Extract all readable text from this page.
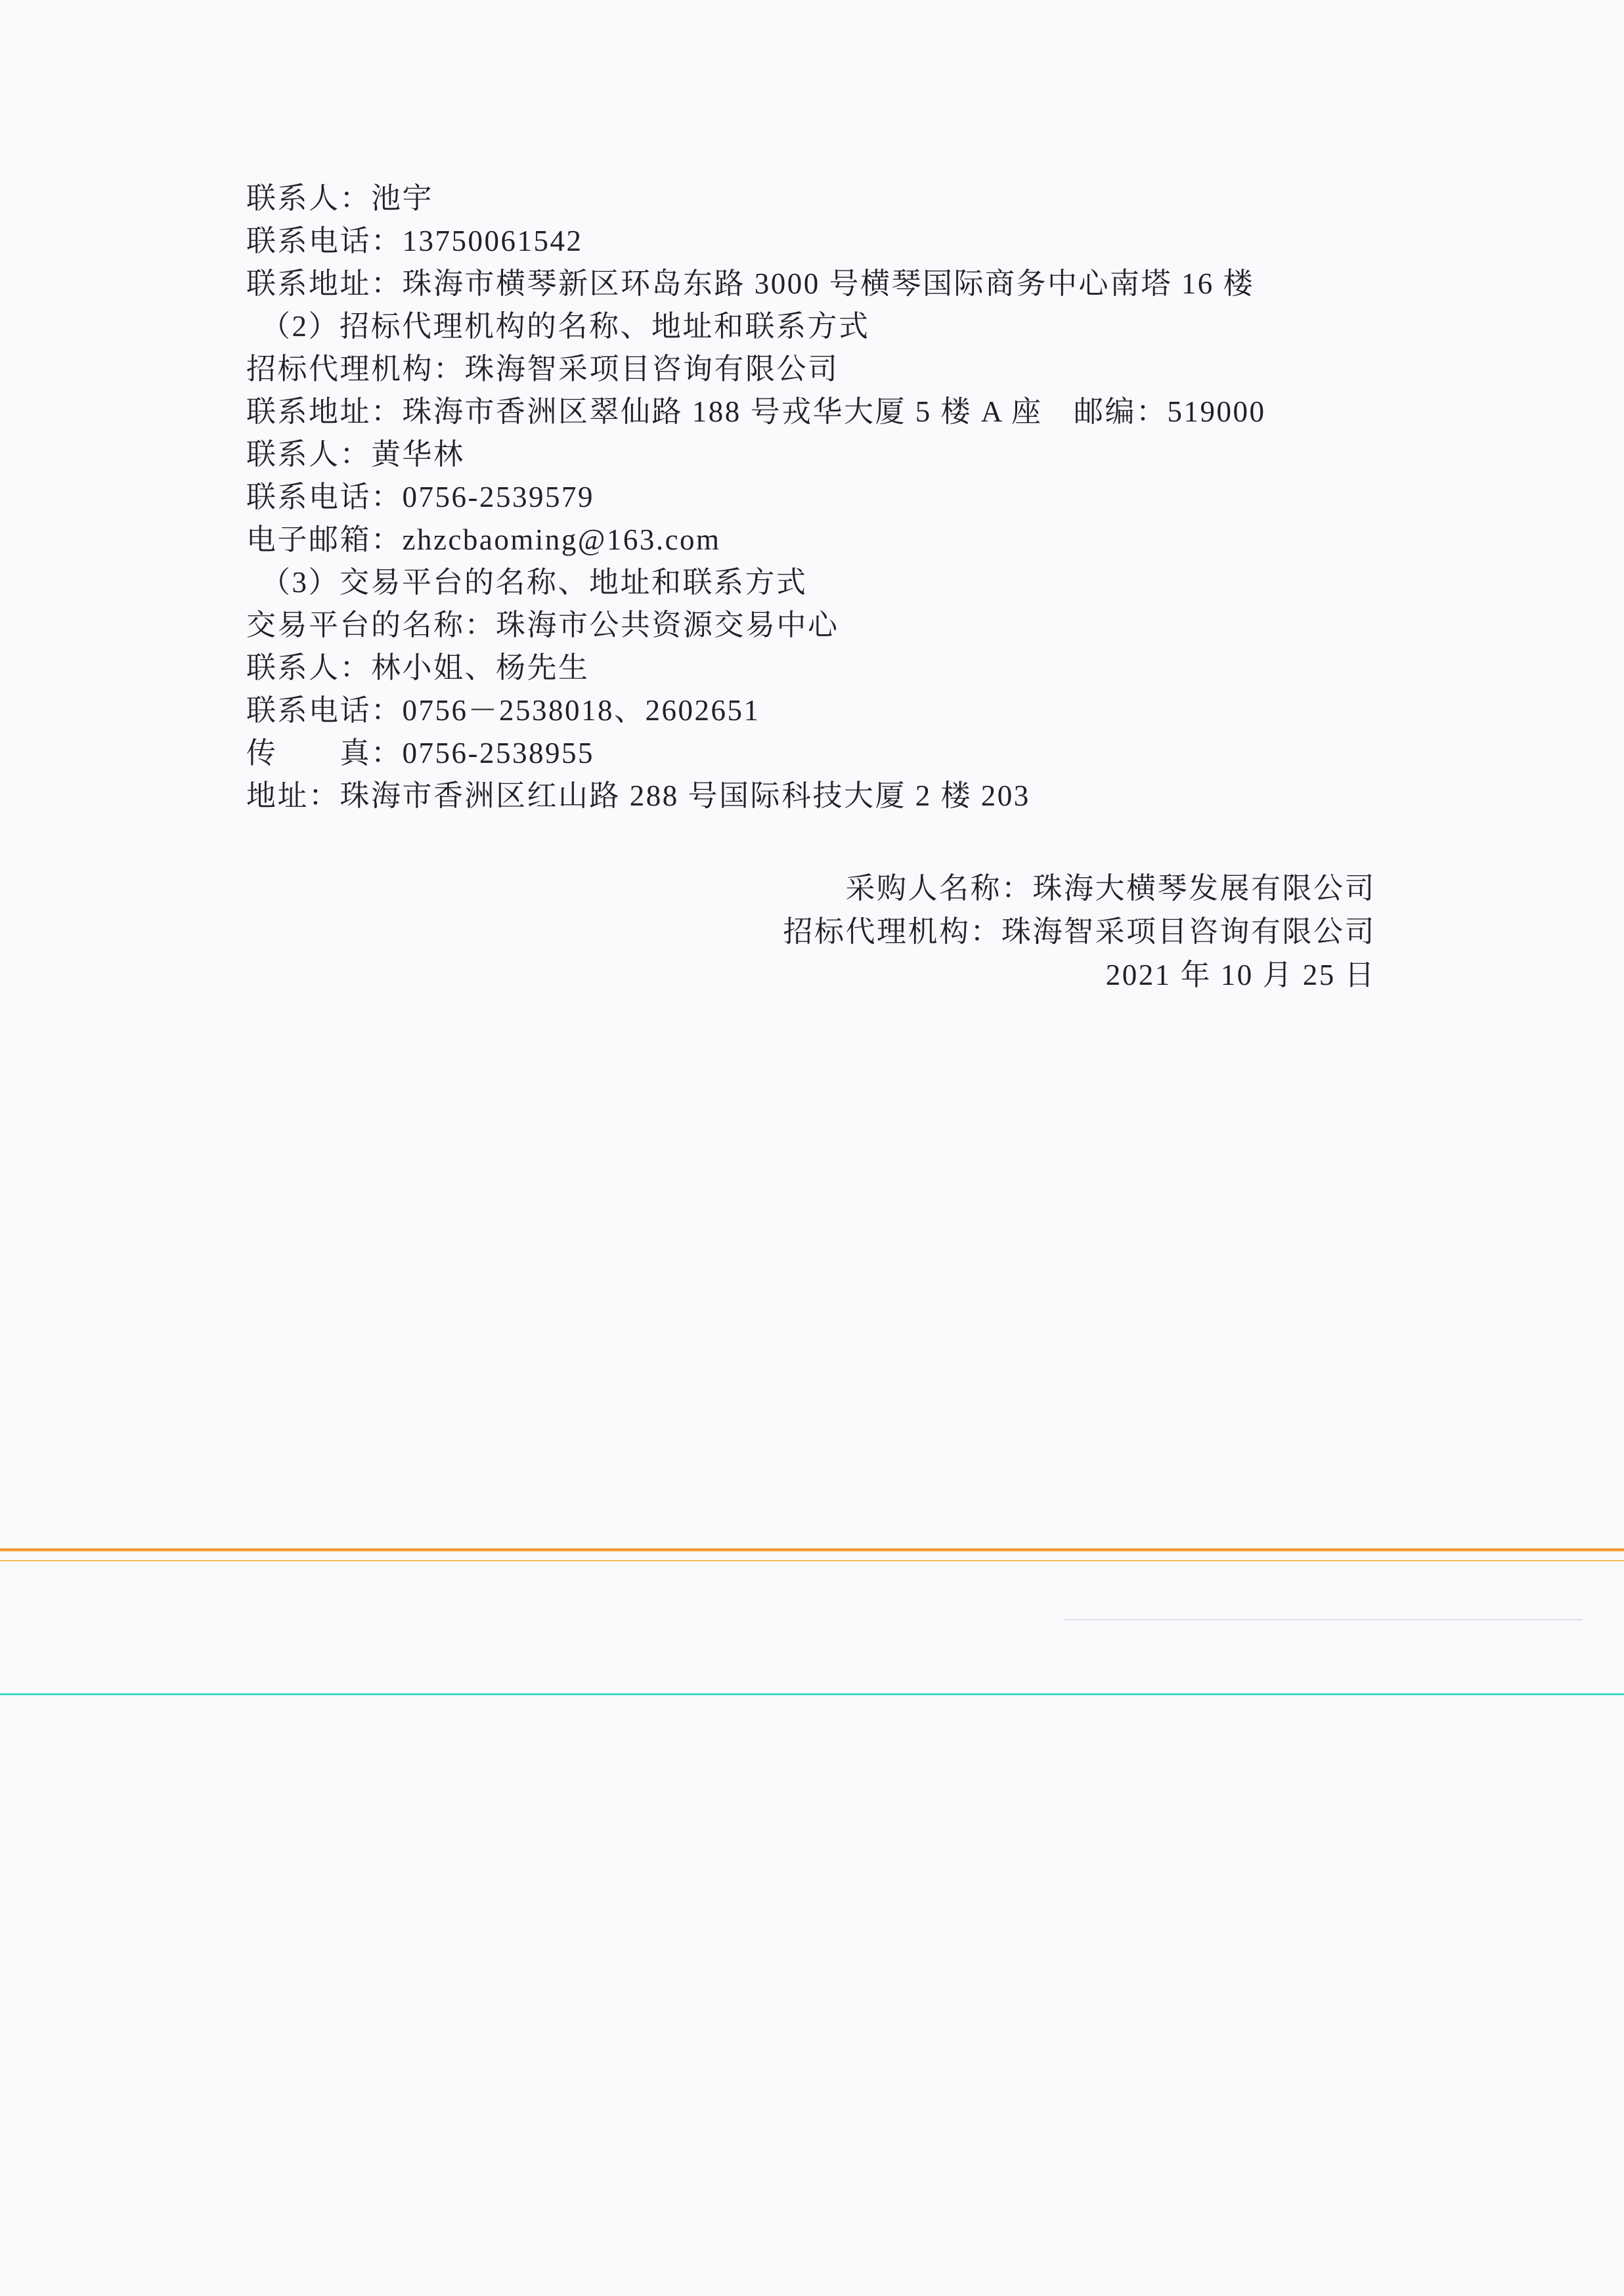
联系人：池宇
联系电话：13750061542
联系地址：珠海市横琴新区环岛东路 3000 号横琴国际商务中心南塔 16 楼
（2）招标代理机构的名称、地址和联系方式
招标代理机构：珠海智采项目咨询有限公司
联系地址：珠海市香洲区翠仙路 188 号戎华大厦 5 楼 A 座　邮编：519000
联系人：黄华林
联系电话：0756-2539579
电子邮箱：zhzcbaoming@163.com
（3）交易平台的名称、地址和联系方式
交易平台的名称：珠海市公共资源交易中心
联系人：林小姐、杨先生
联系电话：0756－2538018、2602651
传　　真：0756-2538955
地址：珠海市香洲区红山路 288 号国际科技大厦 2 楼 203
采购人名称：珠海大横琴发展有限公司
招标代理机构：珠海智采项目咨询有限公司
2021 年 10 月 25 日
